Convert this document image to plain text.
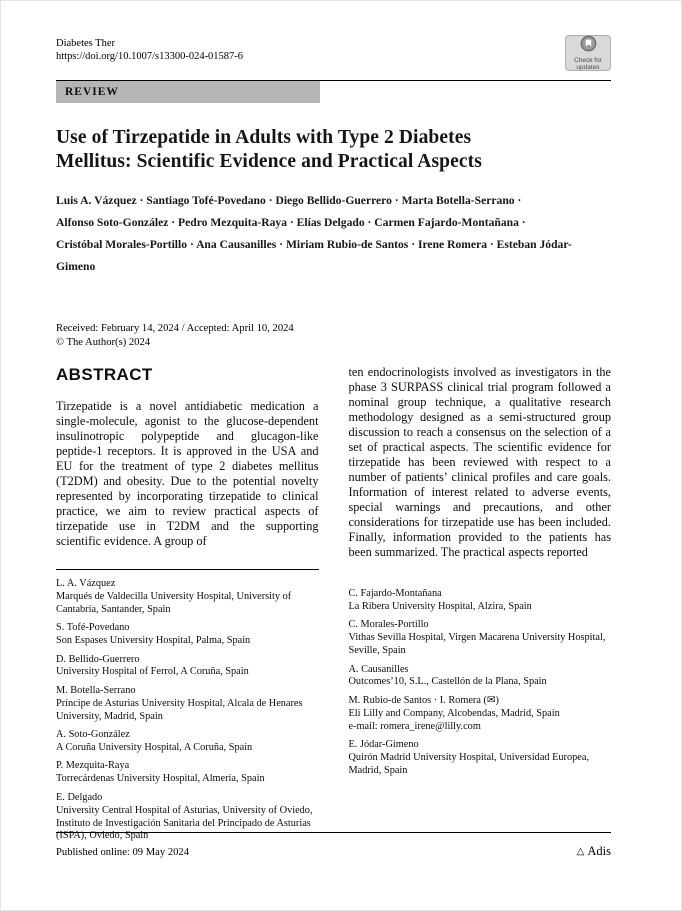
Diabetes Ther
https://doi.org/10.1007/s13300-024-01587-6	Check for
updates
REVIEW
Use of Tirzepatide in Adults with Type 2 Diabetes
Mellitus: Scientific Evidence and Practical Aspects
Luis A. Vázquez · Santiago Tofé-Povedano · Diego Bellido-Guerrero · Marta Botella-Serrano ·
Alfonso Soto-González · Pedro Mezquita-Raya · Elías Delgado · Carmen Fajardo-Montañana ·
Cristóbal Morales-Portillo · Ana Causanilles · Miriam Rubio-de Santos · Irene Romera · Esteban Jódar-Gimeno
Received: February 14, 2024 / Accepted: April 10, 2024
© The Author(s) 2024
ABSTRACT

Tirzepatide is a novel antidiabetic medication a single-molecule, agonist to the glucose-dependent insulinotropic polypeptide and glucagon-like peptide-1 receptors. It is approved in the USA and EU for the treatment of type 2 diabetes mellitus (T2DM) and obesity. Due to the potential novelty represented by incorporating tirzepatide to clinical practice, we aim to review practical aspects of tirzepatide use in T2DM and the supporting scientific evidence. A group of

ten endocrinologists involved as investigators in the phase 3 SURPASS clinical trial program followed a nominal group technique, a qualitative research methodology designed as a semi-structured group discussion to reach a consensus on the selection of a set of practical aspects. The scientific evidence for tirzepatide has been reviewed with respect to a number of patients’ clinical profiles and care goals. Information of interest related to adverse events, special warnings and precautions, and other considerations for tirzepatide use has been included. Finally, information provided to the patients has been summarized. The practical aspects reported

L. A. Vázquez
Marqués de Valdecilla University Hospital, University of Cantabria, Santander, Spain
S. Tofé-Povedano
Son Espases University Hospital, Palma, Spain
D. Bellido-Guerrero
University Hospital of Ferrol, A Coruña, Spain
M. Botella-Serrano
Príncipe de Asturias University Hospital, Alcala de Henares University, Madrid, Spain
A. Soto-González
A Coruña University Hospital, A Coruña, Spain
P. Mezquita-Raya
Torrecárdenas University Hospital, Almería, Spain
E. Delgado
University Central Hospital of Asturias, University of Oviedo, Instituto de Investigación Sanitaria del Principado de Asturias (ISPA), Oviedo, Spain
C. Fajardo-Montañana
La Ribera University Hospital, Alzira, Spain
C. Morales-Portillo
Vithas Sevilla Hospital, Virgen Macarena University Hospital, Seville, Spain
A. Causanilles
Outcomes’10, S.L., Castellón de la Plana, Spain
M. Rubio-de Santos · I. Romera (✉)
Eli Lilly and Company, Alcobendas, Madrid, Spain
e-mail: romera_irene@lilly.com
E. Jódar-Gimeno
Quirón Madrid University Hospital, Universidad Europea, Madrid, Spain
Published online: 09 May 2024	△ Adis
